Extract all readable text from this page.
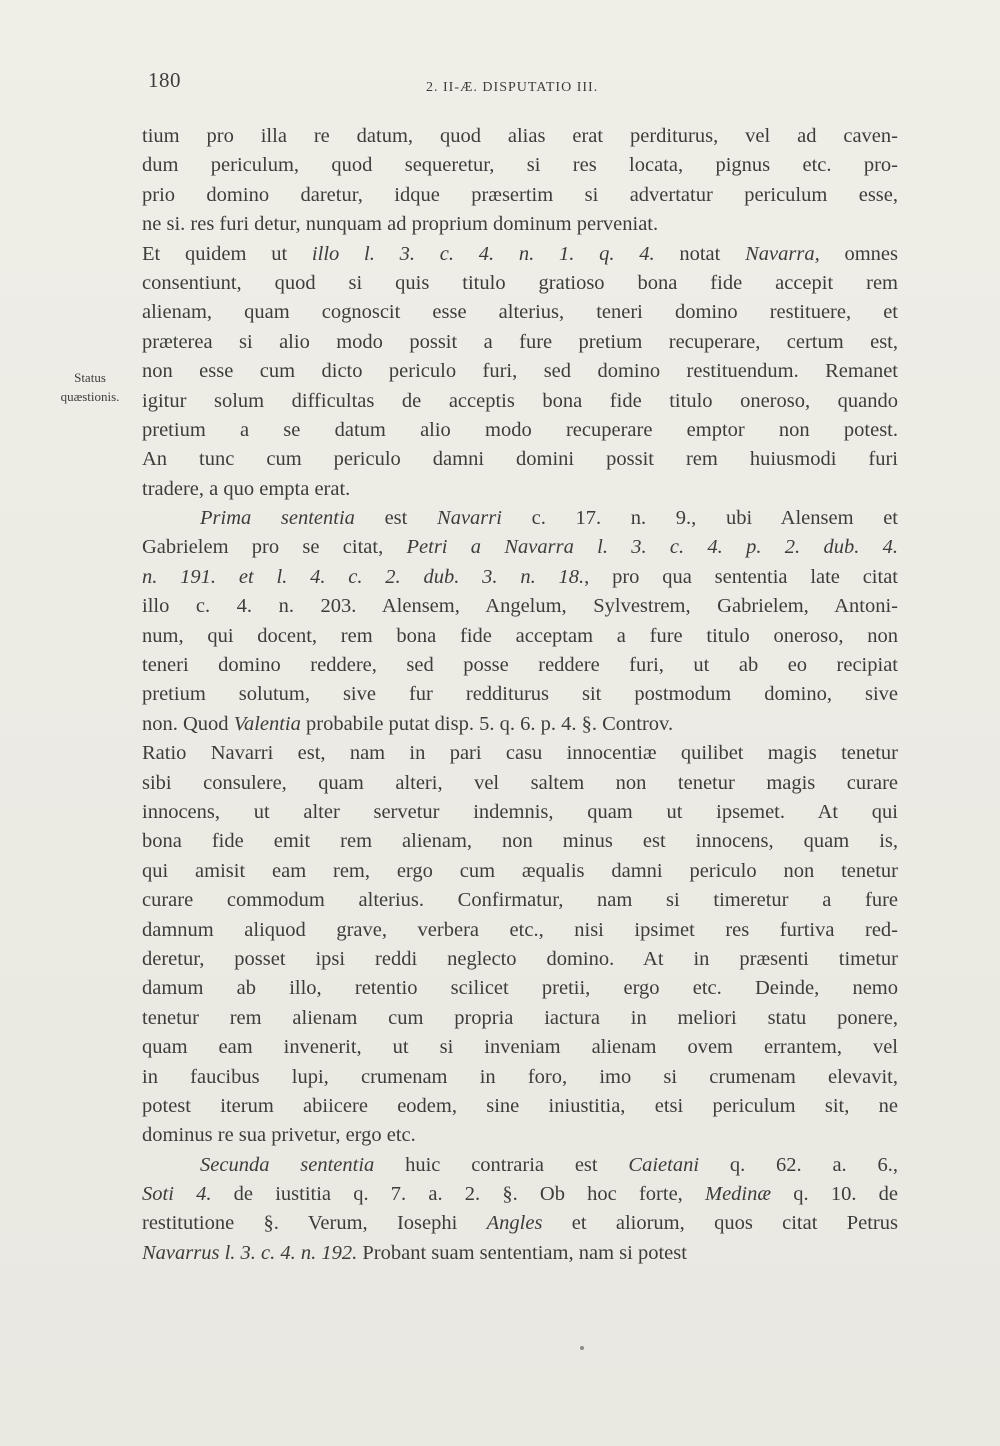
180	2. II-Æ. DISPUTATIO III.
Status
quæstionis.
tium pro illa re datum, quod alias erat perditurus, vel ad caven-
dum periculum, quod sequeretur, si res locata, pignus etc. pro-
prio domino daretur, idque præsertim si advertatur periculum esse,
ne si. res furi detur, nunquam ad proprium dominum perveniat.
Et quidem ut illo l. 3. c. 4. n. 1. q. 4. notat Navarra, omnes
consentiunt, quod si quis titulo gratioso bona fide accepit rem
alienam, quam cognoscit esse alterius, teneri domino restituere, et
præterea si alio modo possit a fure pretium recuperare, certum est,
non esse cum dicto periculo furi, sed domino restituendum. Remanet
igitur solum difficultas de acceptis bona fide titulo oneroso, quando
pretium a se datum alio modo recuperare emptor non potest.
An tunc cum periculo damni domini possit rem huiusmodi furi
tradere, a quo empta erat.
Prima sententia est Navarri c. 17. n. 9., ubi Alensem et
Gabrielem pro se citat, Petri a Navarra l. 3. c. 4. p. 2. dub. 4.
n. 191. et l. 4. c. 2. dub. 3. n. 18., pro qua sententia late citat
illo c. 4. n. 203. Alensem, Angelum, Sylvestrem, Gabrielem, Antoni-
num, qui docent, rem bona fide acceptam a fure titulo oneroso, non
teneri domino reddere, sed posse reddere furi, ut ab eo recipiat
pretium solutum, sive fur redditurus sit postmodum domino, sive
non. Quod Valentia probabile putat disp. 5. q. 6. p. 4. §. Controv.
Ratio Navarri est, nam in pari casu innocentiæ quilibet magis tenetur
sibi consulere, quam alteri, vel saltem non tenetur magis curare
innocens, ut alter servetur indemnis, quam ut ipsemet. At qui
bona fide emit rem alienam, non minus est innocens, quam is,
qui amisit eam rem, ergo cum æqualis damni periculo non tenetur
curare commodum alterius. Confirmatur, nam si timeretur a fure
damnum aliquod grave, verbera etc., nisi ipsimet res furtiva red-
deretur, posset ipsi reddi neglecto domino. At in præsenti timetur
damum ab illo, retentio scilicet pretii, ergo etc. Deinde, nemo
tenetur rem alienam cum propria iactura in meliori statu ponere,
quam eam invenerit, ut si inveniam alienam ovem errantem, vel
in faucibus lupi, crumenam in foro, imo si crumenam elevavit,
potest iterum abiicere eodem, sine iniustitia, etsi periculum sit, ne
dominus re sua privetur, ergo etc.
Secunda sententia huic contraria est Caietani q. 62. a. 6.,
Soti 4. de iustitia q. 7. a. 2. §. Ob hoc forte, Medinæ q. 10. de
restitutione §. Verum, Iosephi Angles et aliorum, quos citat Petrus
Navarrus l. 3. c. 4. n. 192. Probant suam sententiam, nam si potest
